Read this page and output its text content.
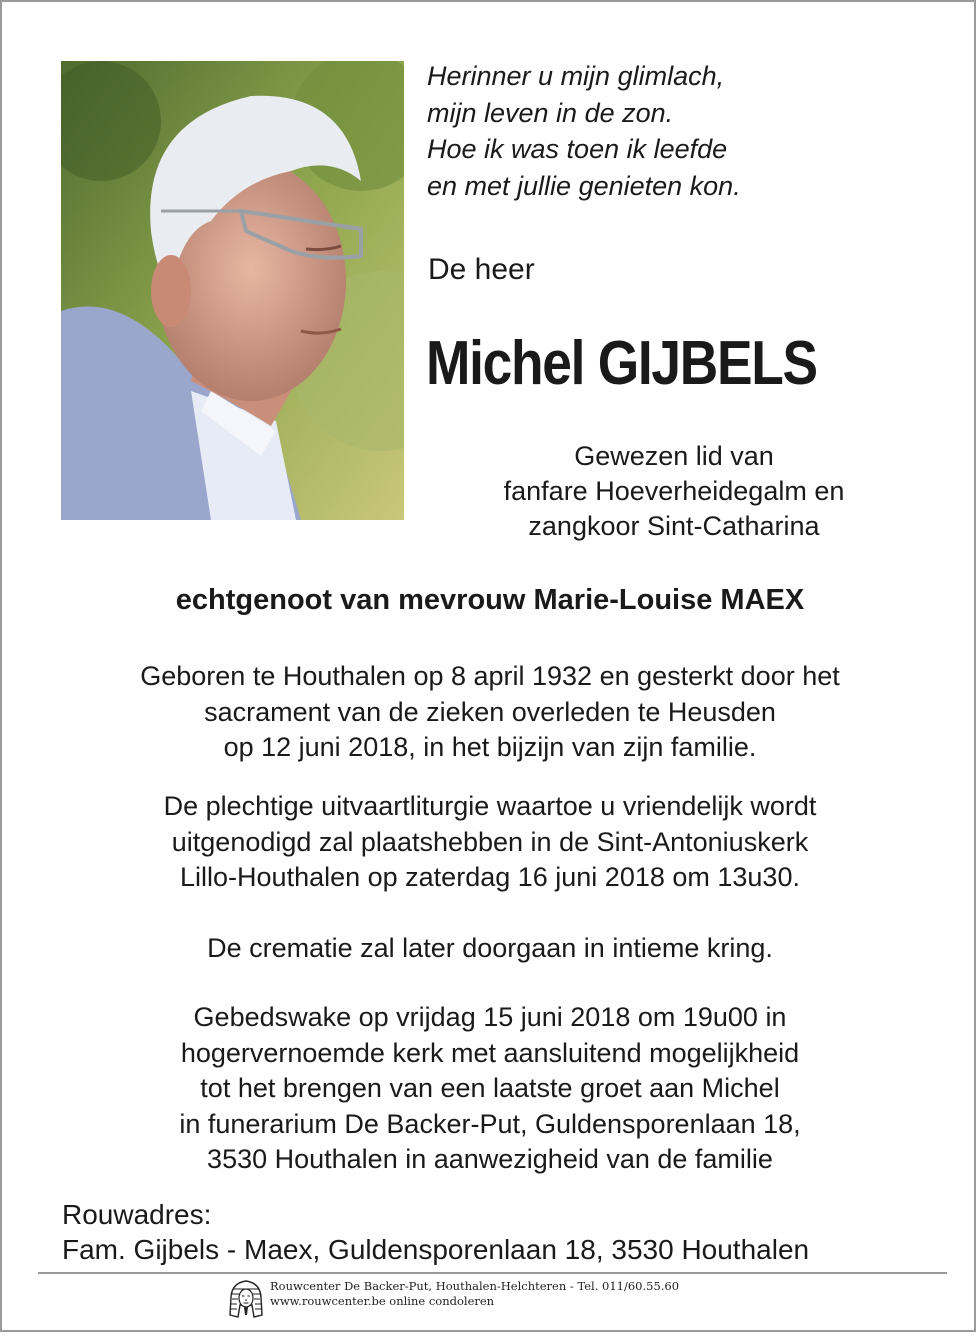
Herinner u mijn glimlach,
mijn leven in de zon.
Hoe ik was toen ik leefde
en met jullie genieten kon.
De heer
Michel GIJBELS
Gewezen lid van
fanfare Hoeverheidegalm en
zangkoor Sint-Catharina
echtgenoot van mevrouw Marie-Louise MAEX
Geboren te Houthalen op 8 april 1932 en gesterkt door het
sacrament van de zieken overleden te Heusden
op 12 juni 2018, in het bijzijn van zijn familie.
De plechtige uitvaartliturgie waartoe u vriendelijk wordt
uitgenodigd zal plaatshebben in de Sint-Antoniuskerk
Lillo-Houthalen op zaterdag 16 juni 2018 om 13u30.
De crematie zal later doorgaan in intieme kring.
Gebedswake op vrijdag 15 juni 2018 om 19u00 in
hogervernoemde kerk met aansluitend mogelijkheid
tot het brengen van een laatste groet aan Michel
in funerarium De Backer-Put, Guldensporenlaan 18,
3530 Houthalen in aanwezigheid van de familie
Rouwadres:
Fam. Gijbels - Maex, Guldensporenlaan 18, 3530 Houthalen
Rouwcenter De Backer-Put, Houthalen-Helchteren - Tel. 011/60.55.60
www.rouwcenter.be online condoleren
